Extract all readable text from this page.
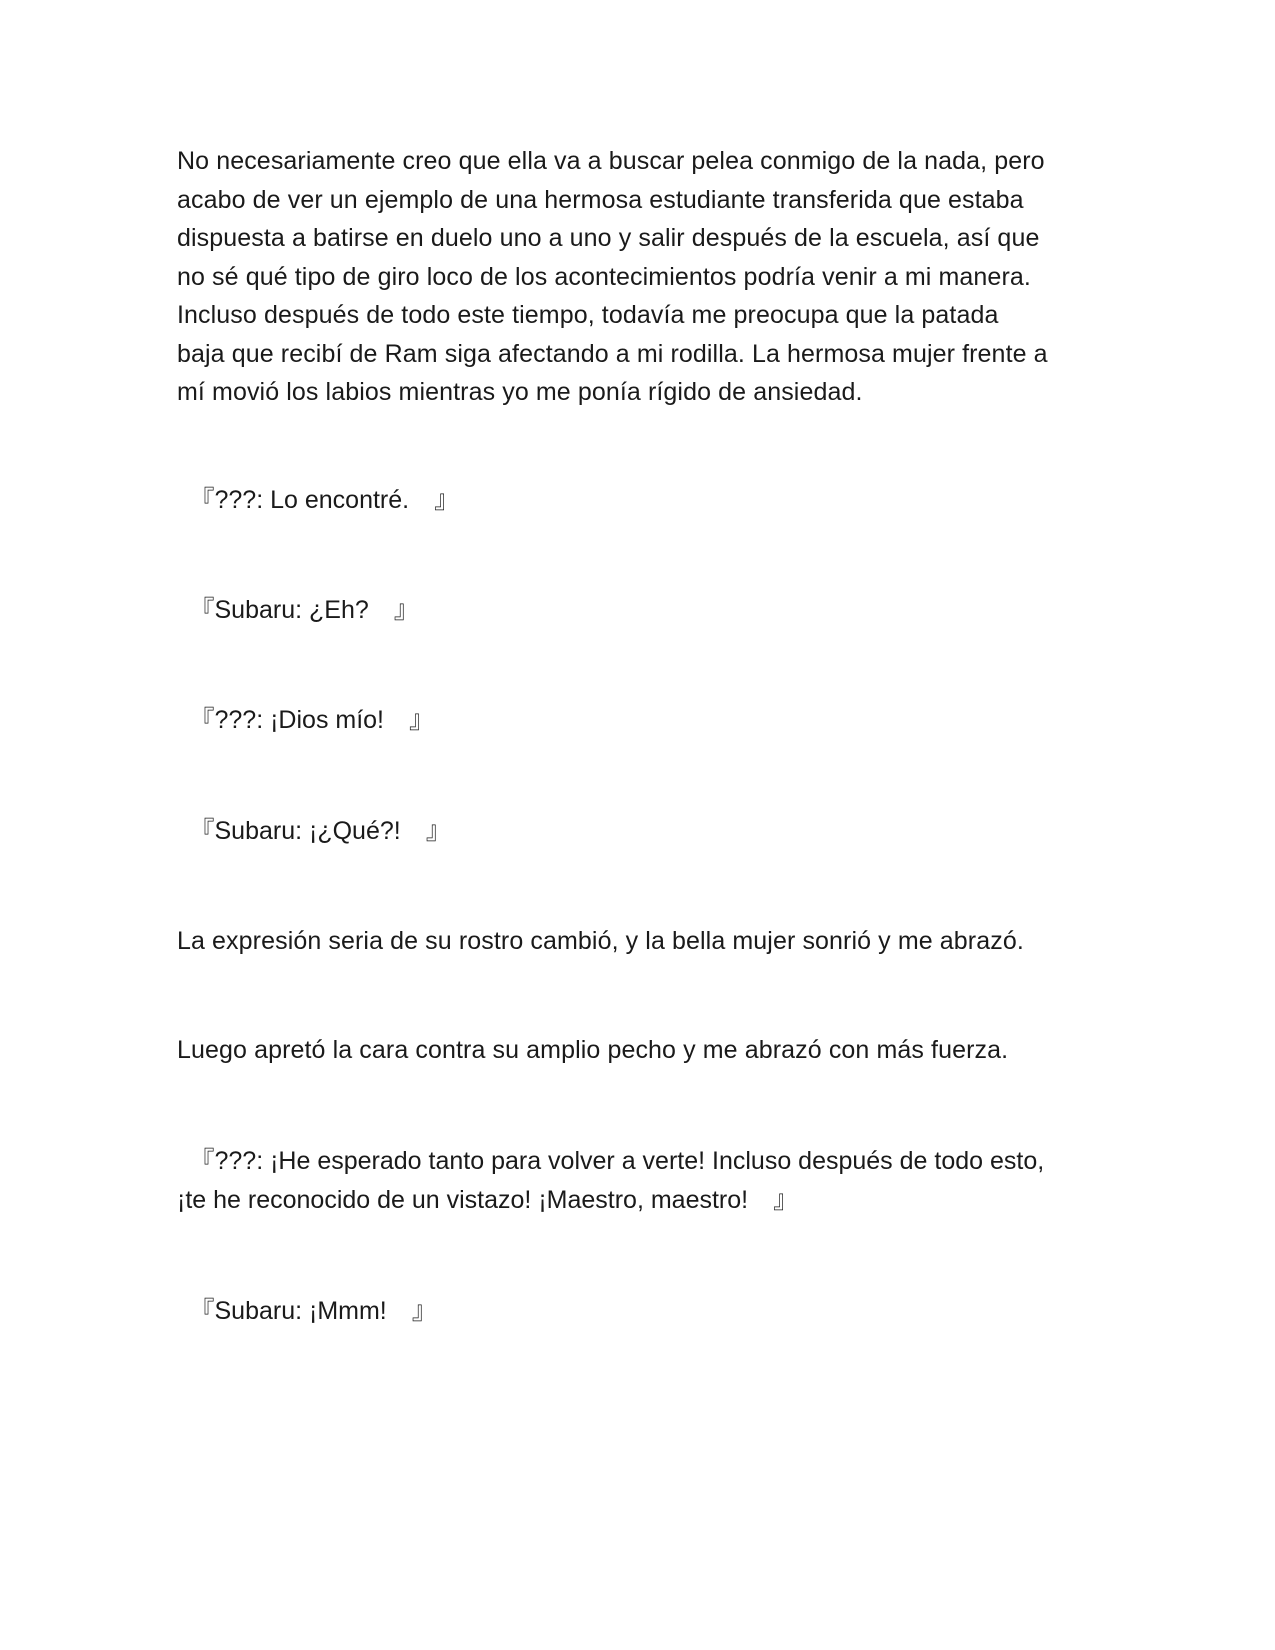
No necesariamente creo que ella va a buscar pelea conmigo de la nada, pero
acabo de ver un ejemplo de una hermosa estudiante transferida que estaba
dispuesta a batirse en duelo uno a uno y salir después de la escuela, así que
no sé qué tipo de giro loco de los acontecimientos podría venir a mi manera.
Incluso después de todo este tiempo, todavía me preocupa que la patada
baja que recibí de Ram siga afectando a mi rodilla. La hermosa mujer frente a
mí movió los labios mientras yo me ponía rígido de ansiedad.
　『???: Lo encontré.　』
　『Subaru: ¿Eh?　』
　『???: ¡Dios mío!　』
　『Subaru: ¡¿Qué?!　』
La expresión seria de su rostro cambió, y la bella mujer sonrió y me abrazó.
Luego apretó la cara contra su amplio pecho y me abrazó con más fuerza.
　『???: ¡He esperado tanto para volver a verte! Incluso después de todo esto,
¡te he reconocido de un vistazo! ¡Maestro, maestro!　』
　『Subaru: ¡Mmm!　』
